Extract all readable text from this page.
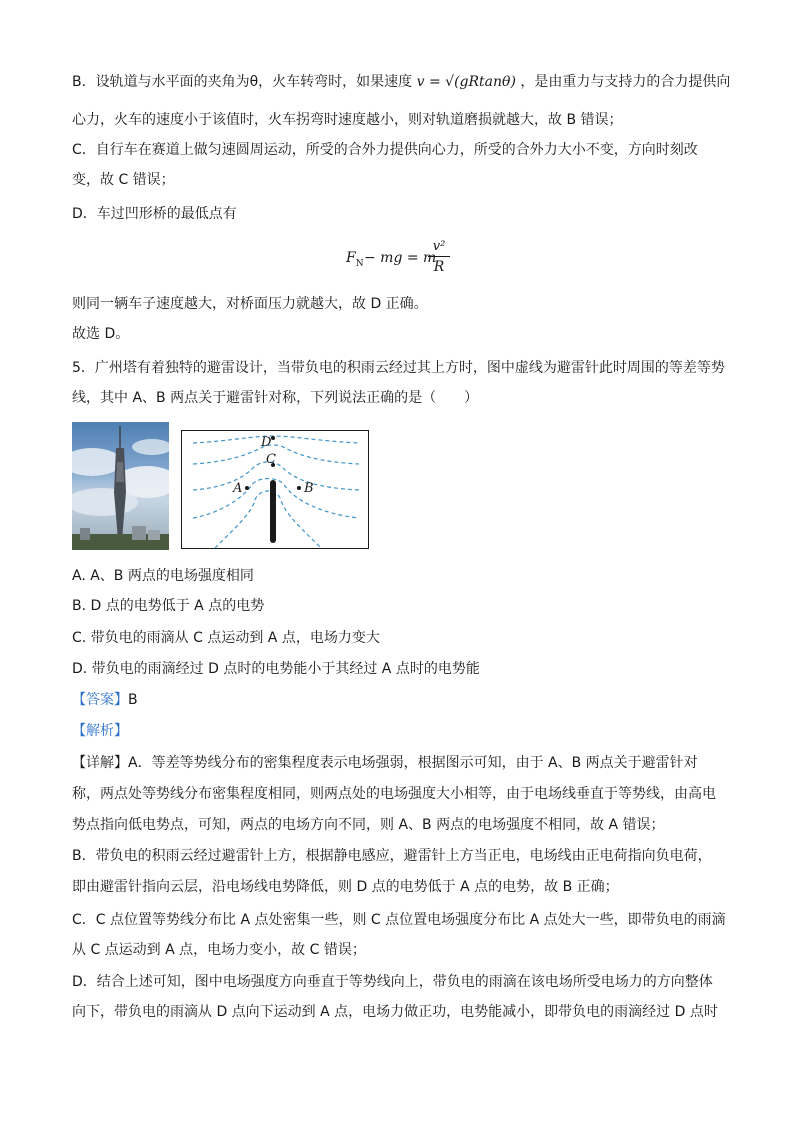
B．设轨道与水平面的夹角为θ，火车转弯时，如果速度 v = √(gRtanθ) ，是由重力与支持力的合力提供向
心力，火车的速度小于该值时，火车拐弯时速度越小，则对轨道磨损就越大，故 B 错误；
C．自行车在赛道上做匀速圆周运动，所受的合外力提供向心力，所受的合外力大小不变，方向时刻改
变，故 C 错误；
D．车过凹形桥的最低点有
$F_N$ − mg = m
v²
R
则同一辆车子速度越大，对桥面压力就越大，故 D 正确。
故选 D。
5．广州塔有着独特的避雷设计，当带负电的积雨云经过其上方时，图中虚线为避雷针此时周围的等差等势
线，其中 A、B 两点关于避雷针对称，下列说法正确的是（　　）
D
C
A	B
A. A、B 两点的电场强度相同
B. D 点的电势低于 A 点的电势
C. 带负电的雨滴从 C 点运动到 A 点，电场力变大
D. 带负电的雨滴经过 D 点时的电势能小于其经过 A 点时的电势能
【答案】B
【解析】
【详解】A．等差等势线分布的密集程度表示电场强弱，根据图示可知，由于 A、B 两点关于避雷针对
称，两点处等势线分布密集程度相同，则两点处的电场强度大小相等，由于电场线垂直于等势线，由高电
势点指向低电势点，可知，两点的电场方向不同，则 A、B 两点的电场强度不相同，故 A 错误；
B．带负电的积雨云经过避雷针上方，根据静电感应，避雷针上方当正电，电场线由正电荷指向负电荷，
即由避雷针指向云层，沿电场线电势降低，则 D 点的电势低于 A 点的电势，故 B 正确；
C．C 点位置等势线分布比 A 点处密集一些，则 C 点位置电场强度分布比 A 点处大一些，即带负电的雨滴
从 C 点运动到 A 点，电场力变小，故 C 错误；
D．结合上述可知，图中电场强度方向垂直于等势线向上，带负电的雨滴在该电场所受电场力的方向整体
向下，带负电的雨滴从 D 点向下运动到 A 点，电场力做正功，电势能减小，即带负电的雨滴经过 D 点时
